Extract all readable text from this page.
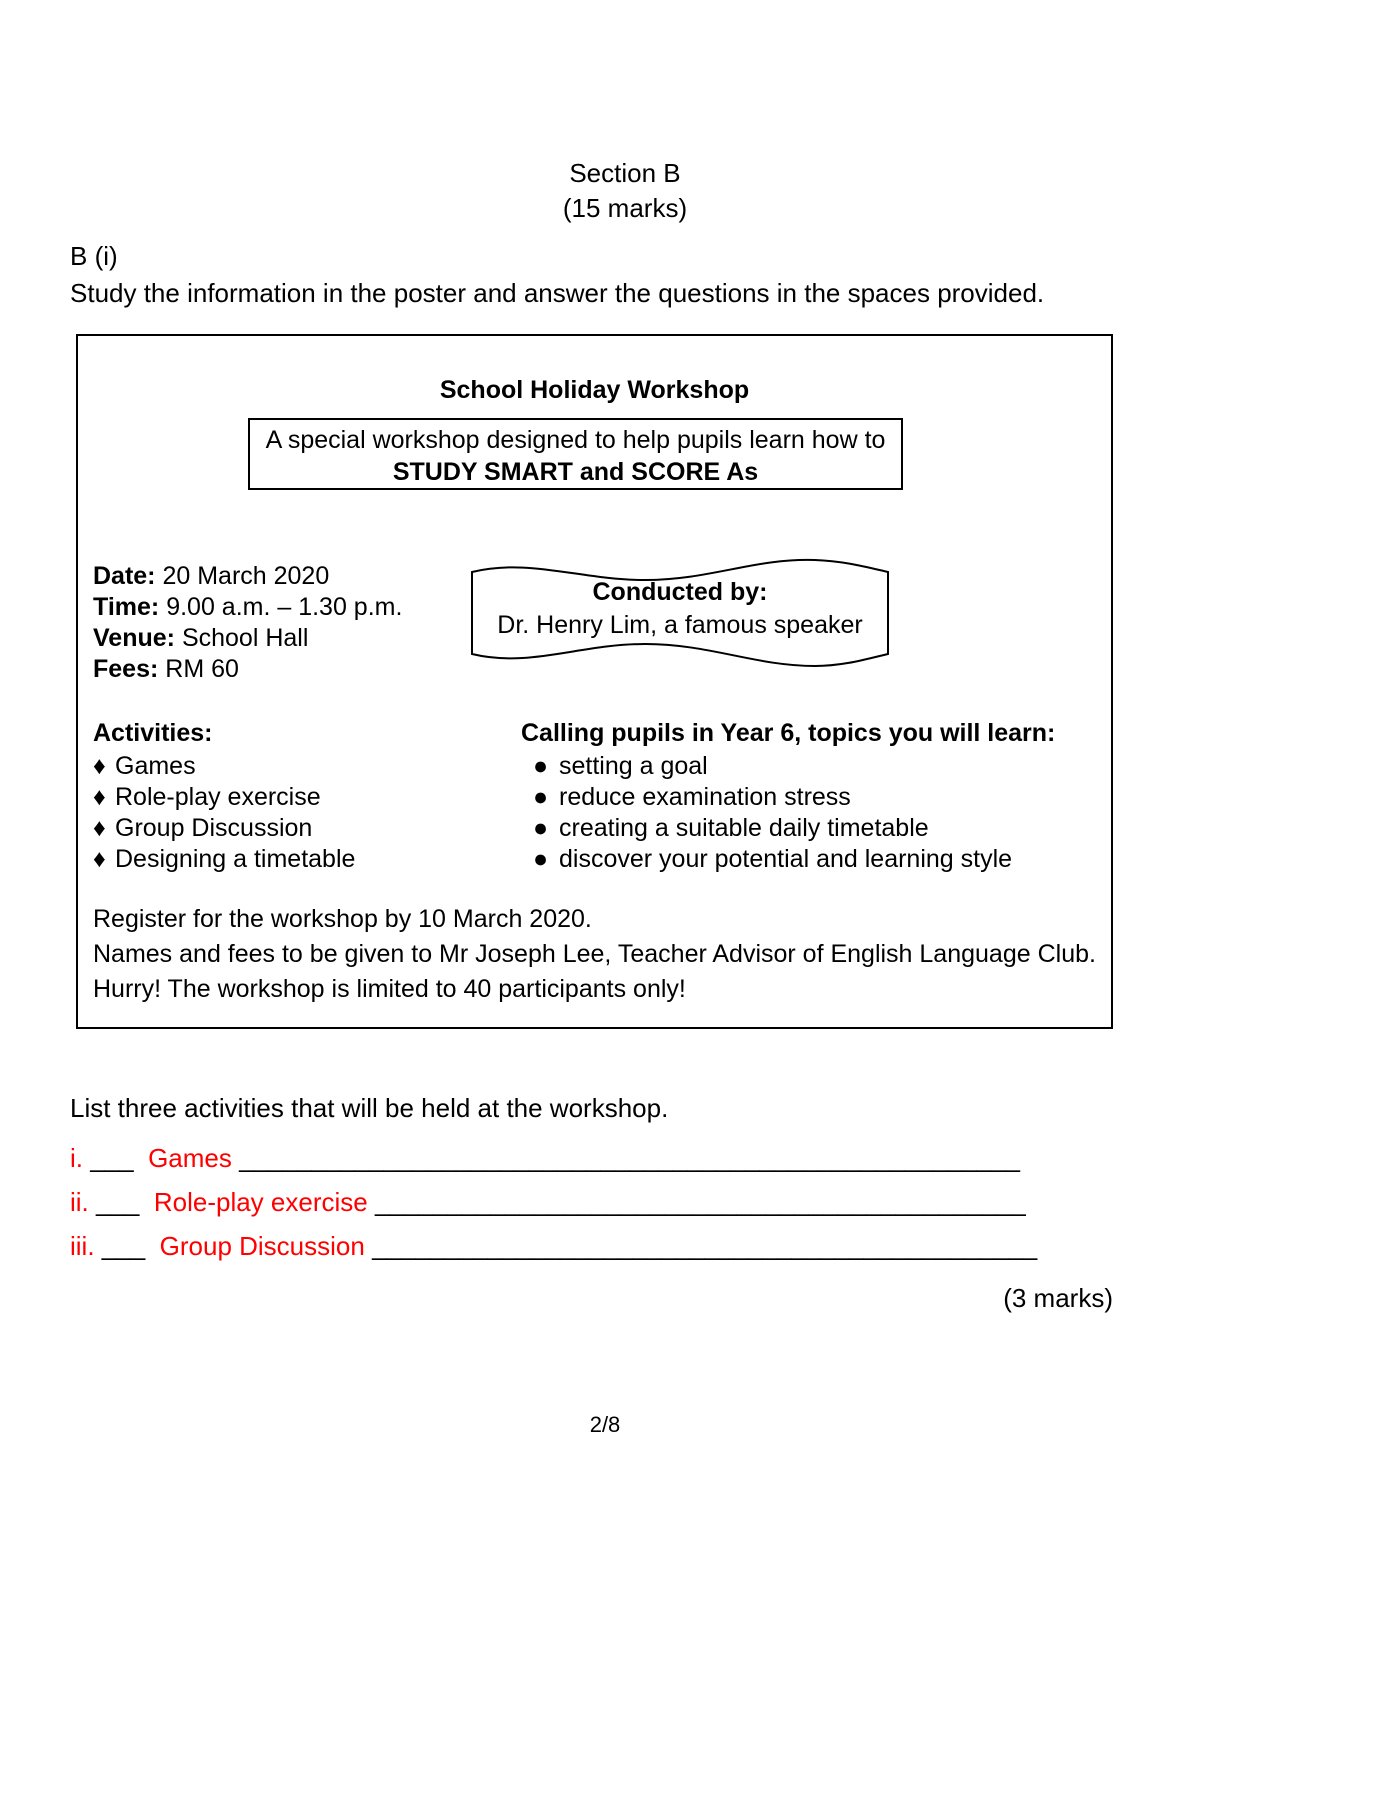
Section B
(15 marks)
B (i)
Study the information in the poster and answer the questions in the spaces provided.
School Holiday Workshop
A special workshop designed to help pupils learn how to
STUDY SMART and SCORE As
Date: 20 March 2020
Time: 9.00 a.m. – 1.30 p.m.
Venue: School Hall
Fees: RM 60
Conducted by:
Dr. Henry Lim, a famous speaker
Activities:
♦ Games
♦ Role-play exercise
♦ Group Discussion
♦ Designing a timetable
Calling pupils in Year 6, topics you will learn:
● setting a goal
● reduce examination stress
● creating a suitable daily timetable
● discover your potential and learning style
Register for the workshop by 10 March 2020.
Names and fees to be given to Mr Joseph Lee, Teacher Advisor of English Language Club.
Hurry! The workshop is limited to 40 participants only!
List three activities that will be held at the workshop.
i. ___ Games ______________________________________________________
ii. ___ Role-play exercise _____________________________________________
iii. ___ Group Discussion ______________________________________________
(3 marks)
2/8
